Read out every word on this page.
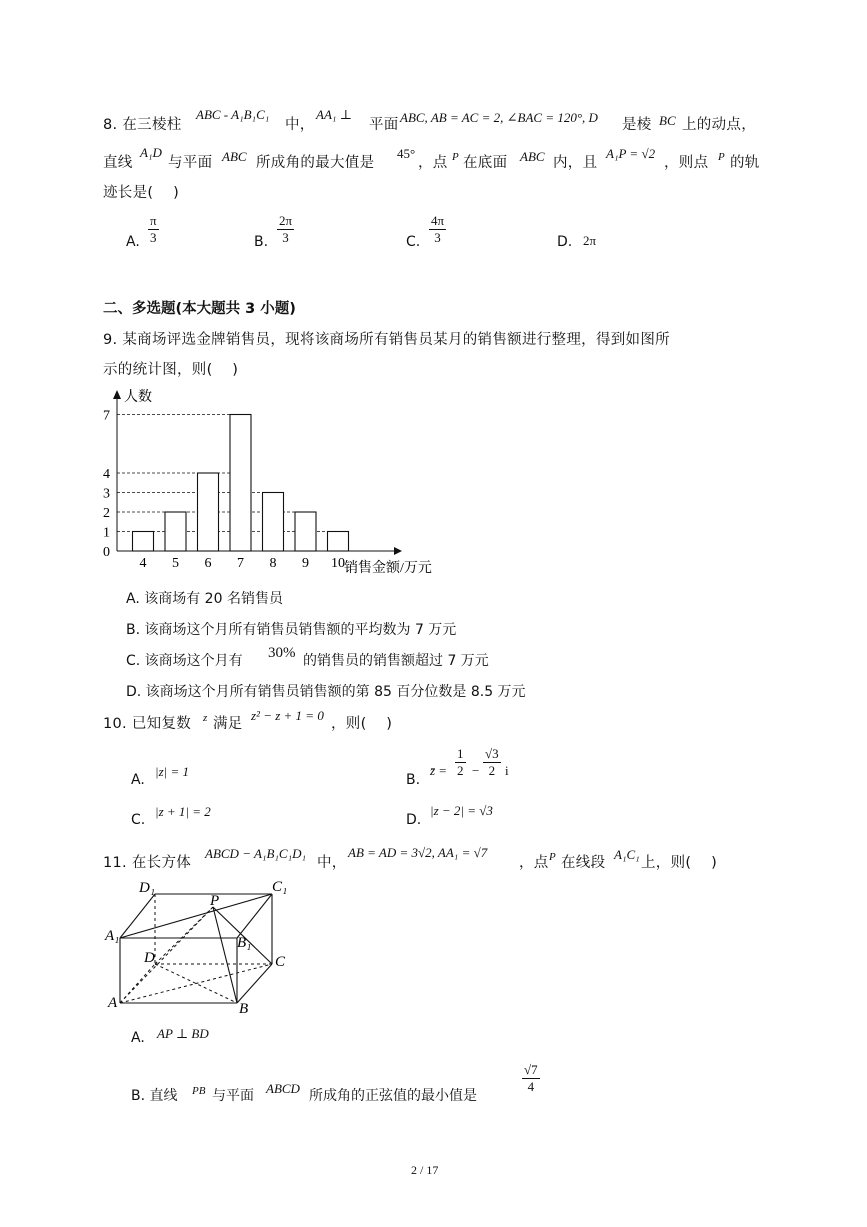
8. 在三棱柱
ABC - A₁B₁C₁
中，
AA₁ ⊥
平面 ABC, AB = AC = 2, ∠BAC = 120°, D 是棱 BC 上的动点，
直线
A₁D
与平面 ABC 所成角的最大值是
45°
，点 P 在底面 ABC 内，且
A₁P = √2
，则点 P 的轨
迹长是(　 )
A. $\frac{\pi}{3}$	B. $\frac{2\pi}{3}$	C. $\frac{4\pi}{3}$	D. 2π
二、多选题(本大题共 3 小题)
9. 某商场评选金牌销售员，现将该商场所有销售员某月的销售额进行整理，得到如图所
示的统计图，则(　 )
0
1
2
3
4
7
4 5 6 7 8 9 10
人数
销售金额/万元
A. 该商场有 20 名销售员
B. 该商场这个月所有销售员销售额的平均数为 7 万元
C. 该商场这个月有 30% 的销售员的销售额超过 7 万元
D. 该商场这个月所有销售员销售额的第 85 百分位数是 8.5 万元
10. 已知复数 z 满足
z² − z + 1 = 0
，则(　 )
A.
|z| = 1
B.
z̄ = $\frac{1}{2} - \frac{√3}{2}$ i
C.
|z + 1| = 2
D.
|z − 2| = √3
11. 在长方体
ABCD − A₁B₁C₁D₁
中，
AB = AD = 3√2, AA₁ = √7
，点 P 在线段
A₁C₁
上，则(　 )
D₁	C₁
A₁
P
B₁
D	C
A	B
A. AP ⊥ BD
B. 直线 PB 与平面 ABCD 所成角的正弦值的最小值是
$\frac{√7}{4}$
2 / 17
